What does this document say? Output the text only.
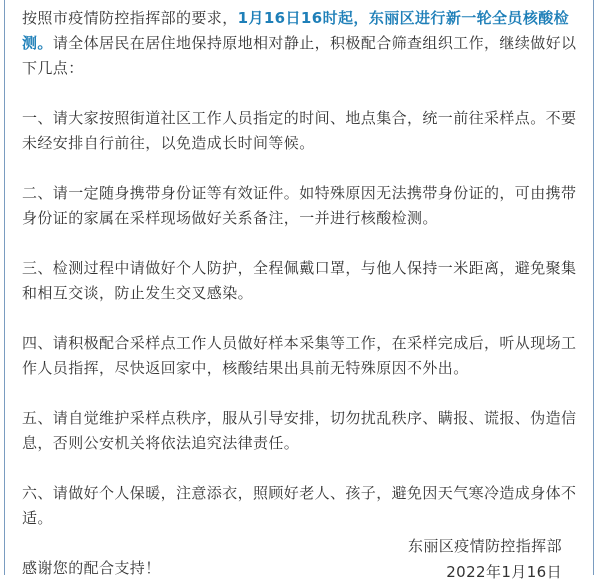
按照市疫情防控指挥部的要求，1月16日16时起，东丽区进行新一轮全员核酸检测。请全体居民在居住地保持原地相对静止，积极配合筛查组织工作，继续做好以下几点：

一、请大家按照街道社区工作人员指定的时间、地点集合，统一前往采样点。不要未经安排自行前往，以免造成长时间等候。

二、请一定随身携带身份证等有效证件。如特殊原因无法携带身份证的，可由携带身份证的家属在采样现场做好关系备注，一并进行核酸检测。

三、检测过程中请做好个人防护，全程佩戴口罩，与他人保持一米距离，避免聚集和相互交谈，防止发生交叉感染。

四、请积极配合采样点工作人员做好样本采集等工作，在采样完成后，听从现场工作人员指挥，尽快返回家中，核酸结果出具前无特殊原因不外出。

五、请自觉维护采样点秩序，服从引导安排，切勿扰乱秩序、瞒报、谎报、伪造信息，否则公安机关将依法追究法律责任。

六、请做好个人保暖，注意添衣，照顾好老人、孩子，避免因天气寒冷造成身体不适。

感谢您的配合支持！

东丽区疫情防控指挥部
2022年1月16日
